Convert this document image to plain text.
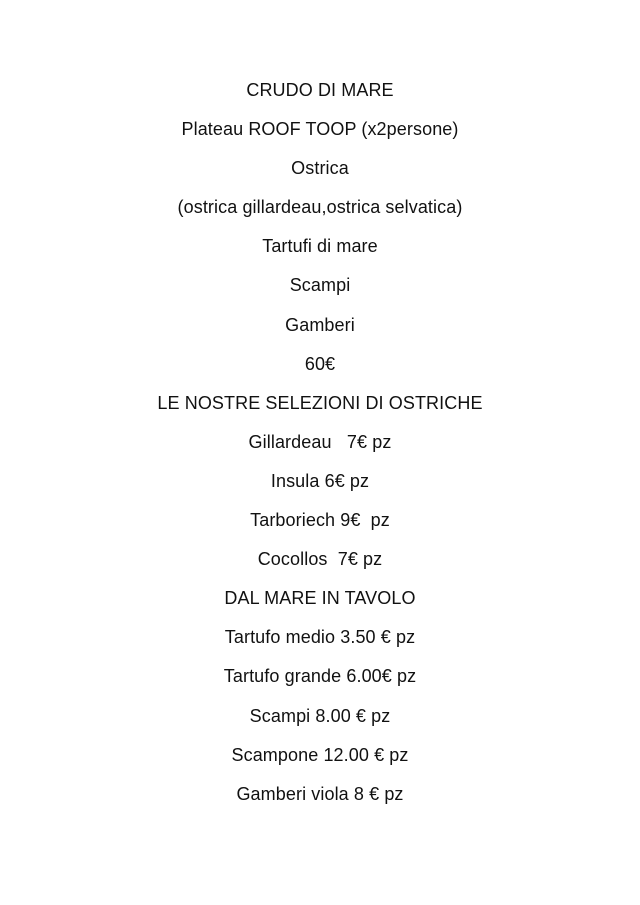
CRUDO DI MARE
Plateau ROOF TOOP (x2persone)
Ostrica
(ostrica gillardeau,ostrica selvatica)
Tartufi di mare
Scampi
Gamberi
60€
LE NOSTRE SELEZIONI DI OSTRICHE
Gillardeau   7€ pz
Insula 6€ pz
Tarboriech 9€  pz
Cocollos  7€ pz
DAL MARE IN TAVOLO
Tartufo medio 3.50 € pz
Tartufo grande 6.00€ pz
Scampi 8.00 € pz
Scampone 12.00 € pz
Gamberi viola 8 € pz
